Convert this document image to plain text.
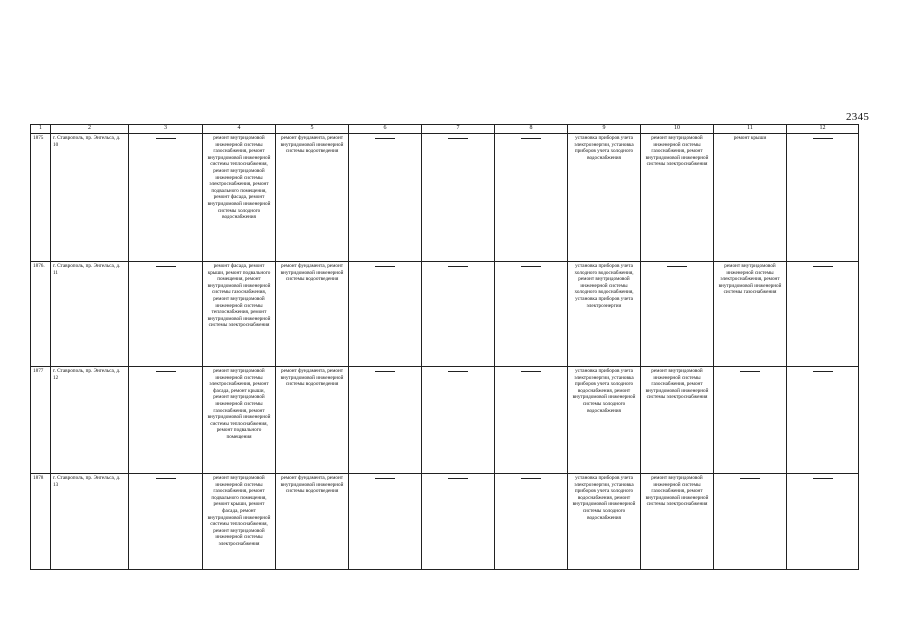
2345
1	2	3	4	5	6	7	8	9	10	11	12
1875	г. Ставрополь, пр. Энгельса, д. 10		ремонт внутридомовой инженерной системы газоснабжения, ремонт внутридомовой инженерной системы теплоснабжения, ремонт внутридомовой инженерной системы электроснабжения, ремонт подвального помещения, ремонт фасада, ремонт внутридомовой инженерной системы холодного водоснабжения	ремонт фундамента, ремонт внутридомовой инженерной системы водоотведения				установка приборов учета электроэнергии, установка приборов учета холодного водоснабжения	ремонт внутридомовой инженерной системы газоснабжения, ремонт внутридомовой инженерной системы электроснабжения	ремонт крыши	
1876.	г. Ставрополь, пр. Энгельса, д. 11		ремонт фасада, ремонт крыши, ремонт подвального помещения, ремонт внутридомовой инженерной системы газоснабжения, ремонт внутридомовой инженерной системы теплоснабжения, ремонт внутридомовой инженерной системы электроснабжения	ремонт фундамента, ремонт внутридомовой инженерной системы водоотведения				установка приборов учета холодного водоснабжения, ремонт внутридомовой инженерной системы холодного водоснабжения, установка приборов учета электроэнергии		ремонт внутридомовой инженерной системы электроснабжения, ремонт внутридомовой инженерной системы газоснабжения	
1877	г. Ставрополь, пр. Энгельса, д. 12		ремонт внутридомовой инженерной системы электроснабжения, ремонт фасада, ремонт крыши, ремонт внутридомовой инженерной системы газоснабжения, ремонт внутридомовой инженерной системы теплоснабжения, ремонт подвального помещения	ремонт фундамента, ремонт внутридомовой инженерной системы водоотведения				установка приборов учета электроэнергии, установка приборов учета холодного водоснабжения, ремонт внутридомовой инженерной системы холодного водоснабжения	ремонт внутридомовой инженерной системы газоснабжения, ремонт внутридомовой инженерной системы электроснабжения		
1878	г. Ставрополь, пр. Энгельса, д. 13		ремонт внутридомовой инженерной системы газоснабжения, ремонт подвального помещения, ремонт крыши, ремонт фасада, ремонт внутридомовой инженерной системы теплоснабжения, ремонт внутридомовой инженерной системы электроснабжения	ремонт фундамента, ремонт внутридомовой инженерной системы водоотведения				установка приборов учета электроэнергии, установка приборов учета холодного водоснабжения, ремонт внутридомовой инженерной системы холодного водоснабжения	ремонт внутридомовой инженерной системы газоснабжения, ремонт внутридомовой инженерной системы электроснабжения		
